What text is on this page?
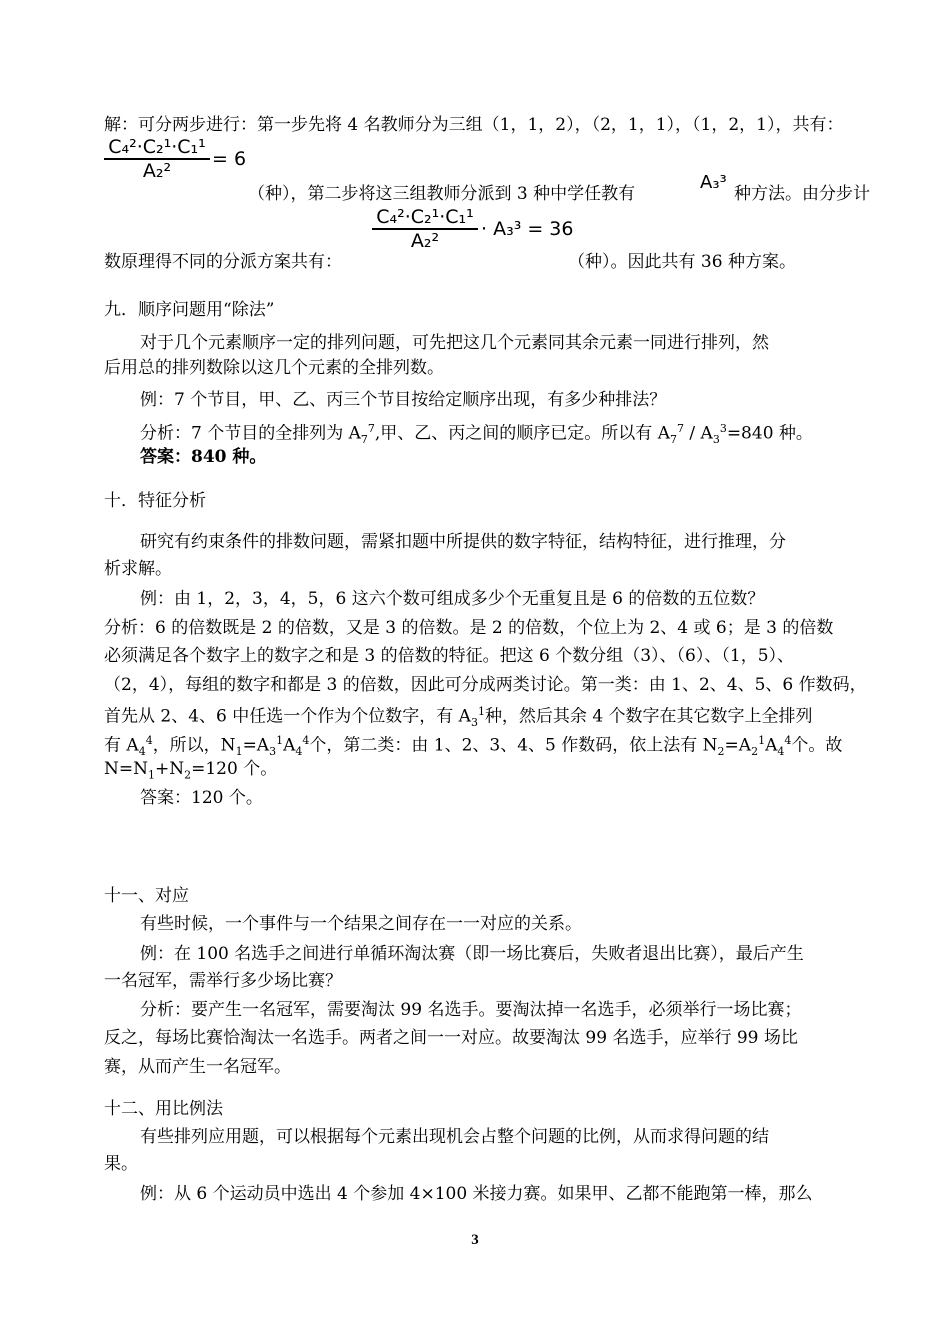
解：可分两步进行：第一步先将 4 名教师分为三组（1，1，2），（2，1，1），（1，2，1），共有：
C₄²·C₂¹·C₁¹
A₂²
= 6
（种），第二步将这三组教师分派到 3 种中学任教有
A₃³
种方法。由分步计
C₄²·C₂¹·C₁¹
A₂²
· A₃³ = 36
数原理得不同的分派方案共有：	（种）。因此共有 36 种方案。
九．顺序问题用“除法”
对于几个元素顺序一定的排列问题，可先把这几个元素同其余元素一同进行排列，然
后用总的排列数除以这几个元素的全排列数。
例：7 个节目，甲、乙、丙三个节目按给定顺序出现，有多少种排法？
分析：7 个节目的全排列为 $A_7^7$,甲、乙、丙之间的顺序已定。所以有 $A_7^7 / A_3^3=840$ 种。
答案：840 种。
十．特征分析
研究有约束条件的排数问题，需紧扣题中所提供的数字特征，结构特征，进行推理，分
析求解。
例：由 1，2，3，4，5，6 这六个数可组成多少个无重复且是 6 的倍数的五位数？
分析：6 的倍数既是 2 的倍数，又是 3 的倍数。是 2 的倍数，个位上为 2、4 或 6；是 3 的倍数
必须满足各个数字上的数字之和是 3 的倍数的特征。把这 6 个数分组（3）、（6）、（1，5）、
（2，4），每组的数字和都是 3 的倍数，因此可分成两类讨论。第一类：由 1、2、4、5、6 作数码，
首先从 2、4、6 中任选一个作为个位数字，有 $A_3^1$种，然后其余 4 个数字在其它数字上全排列
有 $A_4^4$，所以，$N_1=A_3^1A_4^4$个，第二类：由 1、2、3、4、5 作数码，依上法有 $N_2=A_2^1A_4^4$个。故
$N=N_1+N_2=120$ 个。
答案：120 个。
十一、对应
有些时候，一个事件与一个结果之间存在一一对应的关系。
例：在 100 名选手之间进行单循环淘汰赛（即一场比赛后，失败者退出比赛），最后产生
一名冠军，需举行多少场比赛？
分析：要产生一名冠军，需要淘汰 99 名选手。要淘汰掉一名选手，必须举行一场比赛；
反之，每场比赛恰淘汰一名选手。两者之间一一对应。故要淘汰 99 名选手，应举行 99 场比
赛，从而产生一名冠军。
十二、用比例法
有些排列应用题，可以根据每个元素出现机会占整个问题的比例，从而求得问题的结
果。
例：从 6 个运动员中选出 4 个参加 4×100 米接力赛。如果甲、乙都不能跑第一棒，那么
3
